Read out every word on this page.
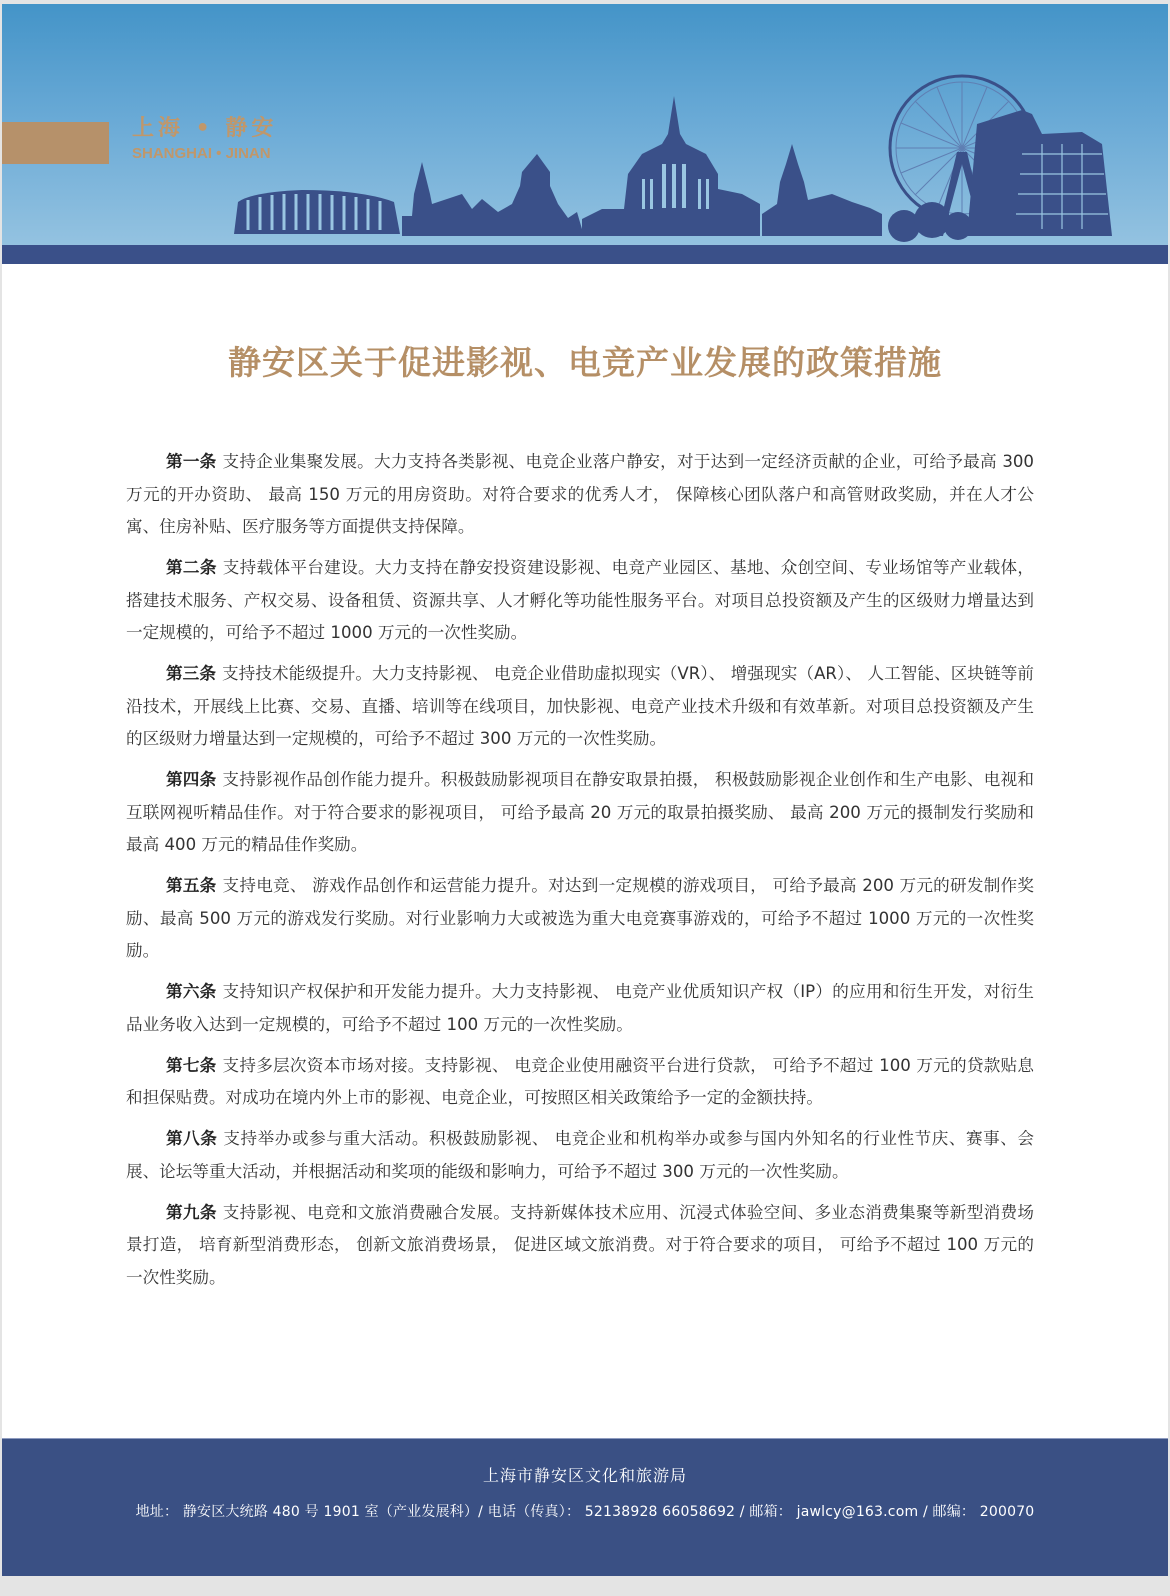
上海 • 静安
SHANGHAI • JINAN
静安区关于促进影视、电竞产业发展的政策措施

第一条 支持企业集聚发展。大力支持各类影视、电竞企业落户静安，对于达到一定经济贡献的企业，可给予最高 300 万元的开办资助、 最高 150 万元的用房资助。对符合要求的优秀人才， 保障核心团队落户和高管财政奖励，并在人才公寓、住房补贴、医疗服务等方面提供支持保障。

第二条 支持载体平台建设。大力支持在静安投资建设影视、电竞产业园区、基地、众创空间、专业场馆等产业载体，搭建技术服务、产权交易、设备租赁、资源共享、人才孵化等功能性服务平台。对项目总投资额及产生的区级财力增量达到一定规模的，可给予不超过 1000 万元的一次性奖励。

第三条 支持技术能级提升。大力支持影视、 电竞企业借助虚拟现实（VR）、 增强现实（AR）、 人工智能、区块链等前沿技术，开展线上比赛、交易、直播、培训等在线项目，加快影视、电竞产业技术升级和有效革新。对项目总投资额及产生的区级财力增量达到一定规模的，可给予不超过 300 万元的一次性奖励。

第四条 支持影视作品创作能力提升。积极鼓励影视项目在静安取景拍摄， 积极鼓励影视企业创作和生产电影、电视和互联网视听精品佳作。对于符合要求的影视项目， 可给予最高 20 万元的取景拍摄奖励、 最高 200 万元的摄制发行奖励和最高 400 万元的精品佳作奖励。

第五条 支持电竞、 游戏作品创作和运营能力提升。对达到一定规模的游戏项目， 可给予最高 200 万元的研发制作奖励、最高 500 万元的游戏发行奖励。对行业影响力大或被选为重大电竞赛事游戏的，可给予不超过 1000 万元的一次性奖励。

第六条 支持知识产权保护和开发能力提升。大力支持影视、 电竞产业优质知识产权（IP）的应用和衍生开发，对衍生品业务收入达到一定规模的，可给予不超过 100 万元的一次性奖励。

第七条 支持多层次资本市场对接。支持影视、 电竞企业使用融资平台进行贷款， 可给予不超过 100 万元的贷款贴息和担保贴费。对成功在境内外上市的影视、电竞企业，可按照区相关政策给予一定的金额扶持。

第八条 支持举办或参与重大活动。积极鼓励影视、 电竞企业和机构举办或参与国内外知名的行业性节庆、赛事、会展、论坛等重大活动，并根据活动和奖项的能级和影响力，可给予不超过 300 万元的一次性奖励。

第九条 支持影视、电竞和文旅消费融合发展。支持新媒体技术应用、沉浸式体验空间、多业态消费集聚等新型消费场景打造， 培育新型消费形态， 创新文旅消费场景， 促进区域文旅消费。对于符合要求的项目， 可给予不超过 100 万元的一次性奖励。

上海市静安区文化和旅游局
地址： 静安区大统路 480 号 1901 室（产业发展科）/ 电话（传真）： 52138928 66058692 / 邮箱： jawlcy@163.com / 邮编： 200070
